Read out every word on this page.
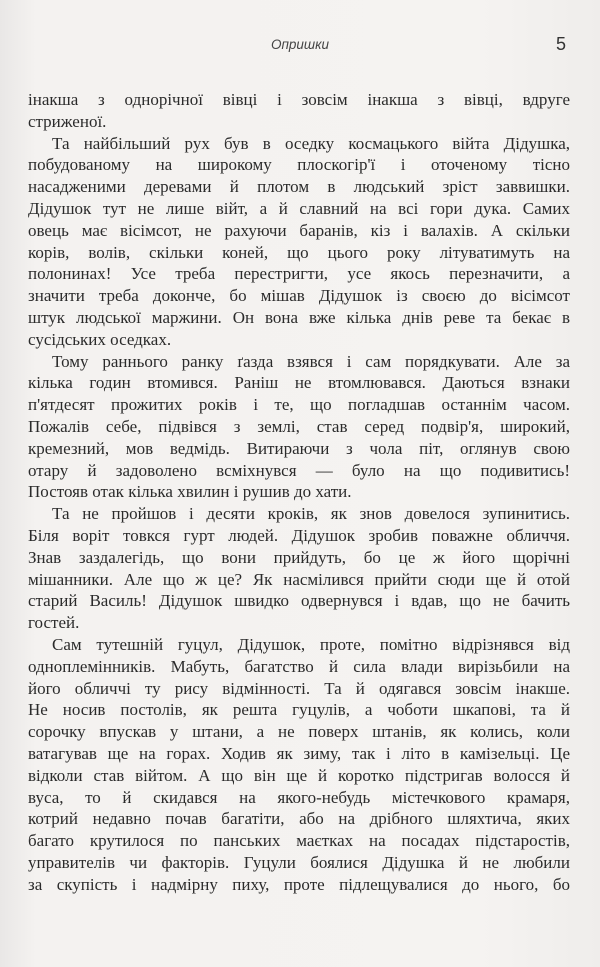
Опришки	5
інакша з однорічної вівці і зовсім інакша з вівці, вдруге
стриженої.
Та найбільший рух був в оседку космацького війта Дідушка,
побудованому на широкому плоскогір'ї і оточеному тісно
насадженими деревами й плотом в людський зріст заввишки.
Дідушок тут не лише війт, а й славний на всі гори дука. Самих
овець має вісімсот, не рахуючи баранів, кіз і валахів. А скільки
корів, волів, скільки коней, що цього року літуватимуть на
полонинах! Усе треба перестригти, усе якось перезначити, а
значити треба доконче, бо мішав Дідушок із своєю до вісімсот
штук людської маржини. Он вона вже кілька днів реве та бекає в
сусідських оседках.
Тому раннього ранку ґазда взявся і сам порядкувати. Але за
кілька годин втомився. Раніш не втомлювався. Даються взнаки
п'ятдесят прожитих років і те, що погладшав останнім часом.
Пожалів себе, підвівся з землі, став серед подвір'я, широкий,
кремезний, мов ведмідь. Витираючи з чола піт, оглянув свою
отару й задоволено всміхнувся — було на що подивитись!
Постояв отак кілька хвилин і рушив до хати.
Та не пройшов і десяти кроків, як знов довелося зупинитись.
Біля воріт товкся гурт людей. Дідушок зробив поважне обличчя.
Знав заздалегідь, що вони прийдуть, бо це ж його щорічні
мішанники. Але що ж це? Як насмілився прийти сюди ще й отой
старий Василь! Дідушок швидко одвернувся і вдав, що не бачить
гостей.
Сам тутешній гуцул, Дідушок, проте, помітно відрізнявся від
одноплемінників. Мабуть, багатство й сила влади вирізьбили на
його обличчі ту рису відмінності. Та й одягався зовсім інакше.
Не носив постолів, як решта гуцулів, а чоботи шкапові, та й
сорочку впускав у штани, а не поверх штанів, як колись, коли
ватагував ще на горах. Ходив як зиму, так і літо в камізельці. Це
відколи став війтом. А що він ще й коротко підстригав волосся й
вуса, то й скидався на якого-небудь містечкового крамаря,
котрий недавно почав багатіти, або на дрібного шляхтича, яких
багато крутилося по панських маєтках на посадах підстаростів,
управителів чи факторів. Гуцули боялися Дідушка й не любили
за скупість і надмірну пиху, проте підлещувалися до нього, бо
